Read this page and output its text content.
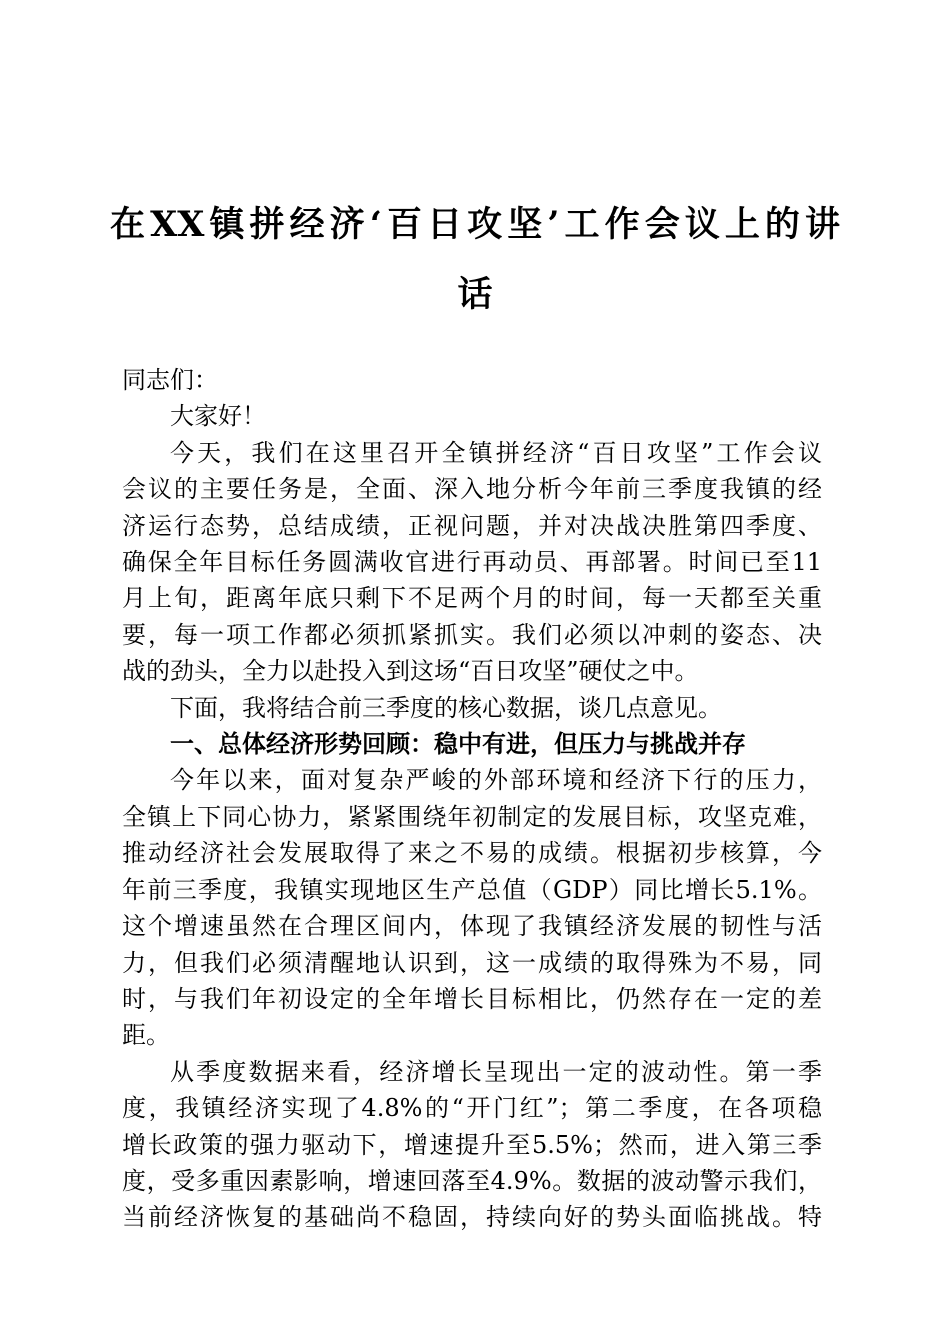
在XX镇拼经济‘百日攻坚’工作会议上的讲
话
同志们：
大家好！
今天，我们在这里召开全镇拼经济“百日攻坚”工作会议
会议的主要任务是，全面、深入地分析今年前三季度我镇的经
济运行态势，总结成绩，正视问题，并对决战决胜第四季度、
确保全年目标任务圆满收官进行再动员、再部署。时间已至11
月上旬，距离年底只剩下不足两个月的时间，每一天都至关重
要，每一项工作都必须抓紧抓实。我们必须以冲刺的姿态、决
战的劲头，全力以赴投入到这场“百日攻坚”硬仗之中。
下面，我将结合前三季度的核心数据，谈几点意见。
一、总体经济形势回顾：稳中有进，但压力与挑战并存
今年以来，面对复杂严峻的外部环境和经济下行的压力，
全镇上下同心协力，紧紧围绕年初制定的发展目标，攻坚克难，
推动经济社会发展取得了来之不易的成绩。根据初步核算，今
年前三季度，我镇实现地区生产总值（GDP）同比增长5.1%。
这个增速虽然在合理区间内，体现了我镇经济发展的韧性与活
力，但我们必须清醒地认识到，这一成绩的取得殊为不易，同
时，与我们年初设定的全年增长目标相比，仍然存在一定的差
距。
从季度数据来看，经济增长呈现出一定的波动性。第一季
度，我镇经济实现了4.8%的“开门红”；第二季度，在各项稳
增长政策的强力驱动下，增速提升至5.5%；然而，进入第三季
度，受多重因素影响，增速回落至4.9%。数据的波动警示我们，
当前经济恢复的基础尚不稳固，持续向好的势头面临挑战。特
